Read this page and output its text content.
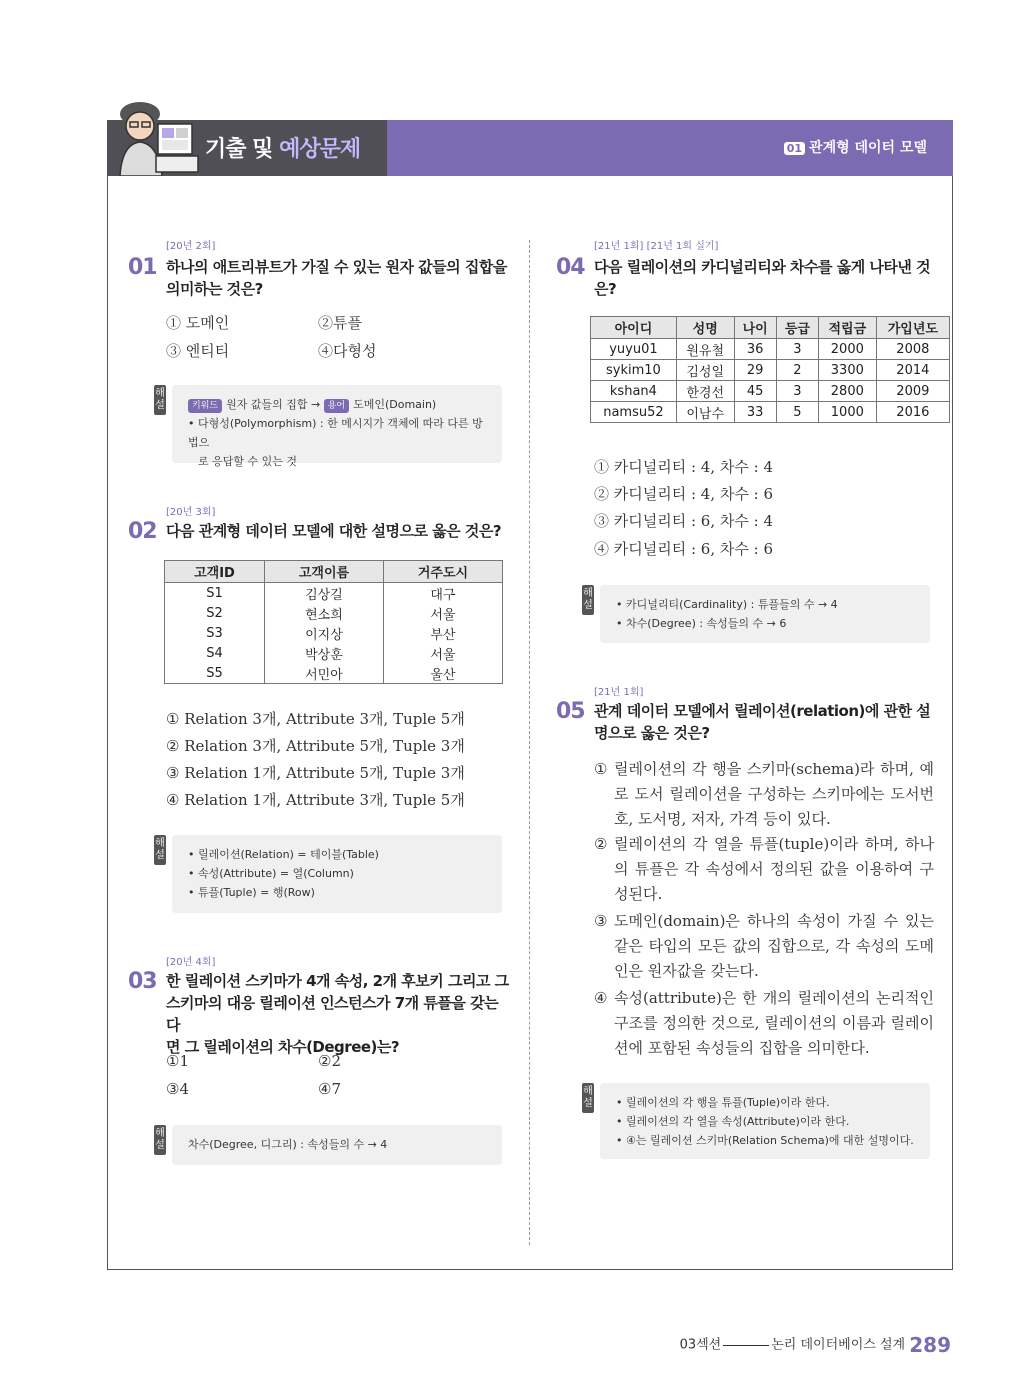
기출 및 예상문제	01 관계형 데이터 모델
[20년 2회]
01 하나의 애트리뷰트가 가질 수 있는 원자 값들의 집합을 의미하는 것은?
① 도메인	②튜플
③ 엔티티	④다형성
해설	키워드 원자 값들의 집합 → 용어 도메인(Domain)
• 다형성(Polymorphism) : 한 메시지가 객체에 따라 다른 방법으
로 응답할 수 있는 것
[20년 3회]
02 다음 관계형 데이터 모델에 대한 설명으로 옳은 것은?
고객ID	고객이름	거주도시
S1	김상길	대구
S2	현소희	서울
S3	이지상	부산
S4	박상훈	서울
S5	서민아	울산
① Relation 3개, Attribute 3개, Tuple 5개
② Relation 3개, Attribute 5개, Tuple 3개
③ Relation 1개, Attribute 5개, Tuple 3개
④ Relation 1개, Attribute 3개, Tuple 5개
해설 • 릴레이션(Relation) = 테이블(Table)
• 속성(Attribute) = 열(Column)
• 튜플(Tuple) = 행(Row)
[20년 4회]
03 한 릴레이션 스키마가 4개 속성, 2개 후보키 그리고 그
스키마의 대응 릴레이션 인스턴스가 7개 튜플을 갖는다
면 그 릴레이션의 차수(Degree)는?
①1	②2
③4	④7
해설 차수(Degree, 디그리) : 속성들의 수 → 4
[21년 1회] [21년 1회 실기]
04 다음 릴레이션의 카디널리티와 차수를 옳게 나타낸 것은?
아이디	성명	나이	등급	적립금	가입년도
yuyu01	원유철	36	3	2000	2008
sykim10	김성일	29	2	3300	2014
kshan4	한경선	45	3	2800	2009
namsu52	이남수	33	5	1000	2016
① 카디널리티 : 4, 차수 : 4
② 카디널리티 : 4, 차수 : 6
③ 카디널리티 : 6, 차수 : 4
④ 카디널리티 : 6, 차수 : 6
해설 • 카디널리티(Cardinality) : 튜플들의 수 → 4
• 차수(Degree) : 속성들의 수 → 6
[21년 1회]
05 관계 데이터 모델에서 릴레이션(relation)에 관한 설명으로 옳은 것은?
① 릴레이션의 각 행을 스키마(schema)라 하며, 예로 도서 릴레이션을 구성하는 스키마에는 도서번호, 도서명, 저자, 가격 등이 있다.
② 릴레이션의 각 열을 튜플(tuple)이라 하며, 하나의 튜플은 각 속성에서 정의된 값을 이용하여 구성된다.
③ 도메인(domain)은 하나의 속성이 가질 수 있는 같은 타입의 모든 값의 집합으로, 각 속성의 도메인은 원자값을 갖는다.
④ 속성(attribute)은 한 개의 릴레이션의 논리적인 구조를 정의한 것으로, 릴레이션의 이름과 릴레이션에 포함된 속성들의 집합을 의미한다.
해설 • 릴레이션의 각 행을 튜플(Tuple)이라 한다.
• 릴레이션의 각 열을 속성(Attribute)이라 한다.
• ④는 릴레이션 스키마(Relation Schema)에 대한 설명이다.
03섹션	논리 데이터베이스 설계 289
